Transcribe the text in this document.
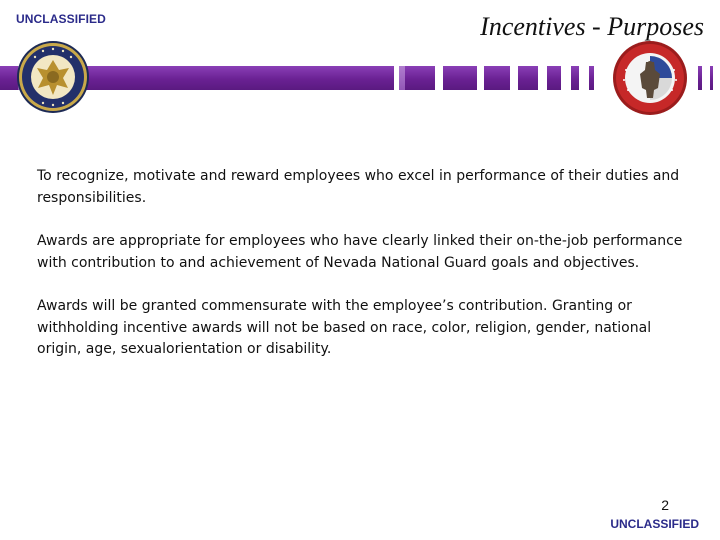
UNCLASSIFIED	Incentives - Purposes

To recognize, motivate and reward employees who excel in performance of their duties and responsibilities.

Awards are appropriate for employees who have clearly linked their on-the-job performance with contribution to and achievement of Nevada National Guard goals and objectives.

Awards will be granted commensurate with the employee’s contribution. Granting or withholding incentive awards will not be based on race, color, religion, gender, national origin, age, sexualorientation or disability.

2
UNCLASSIFIED
